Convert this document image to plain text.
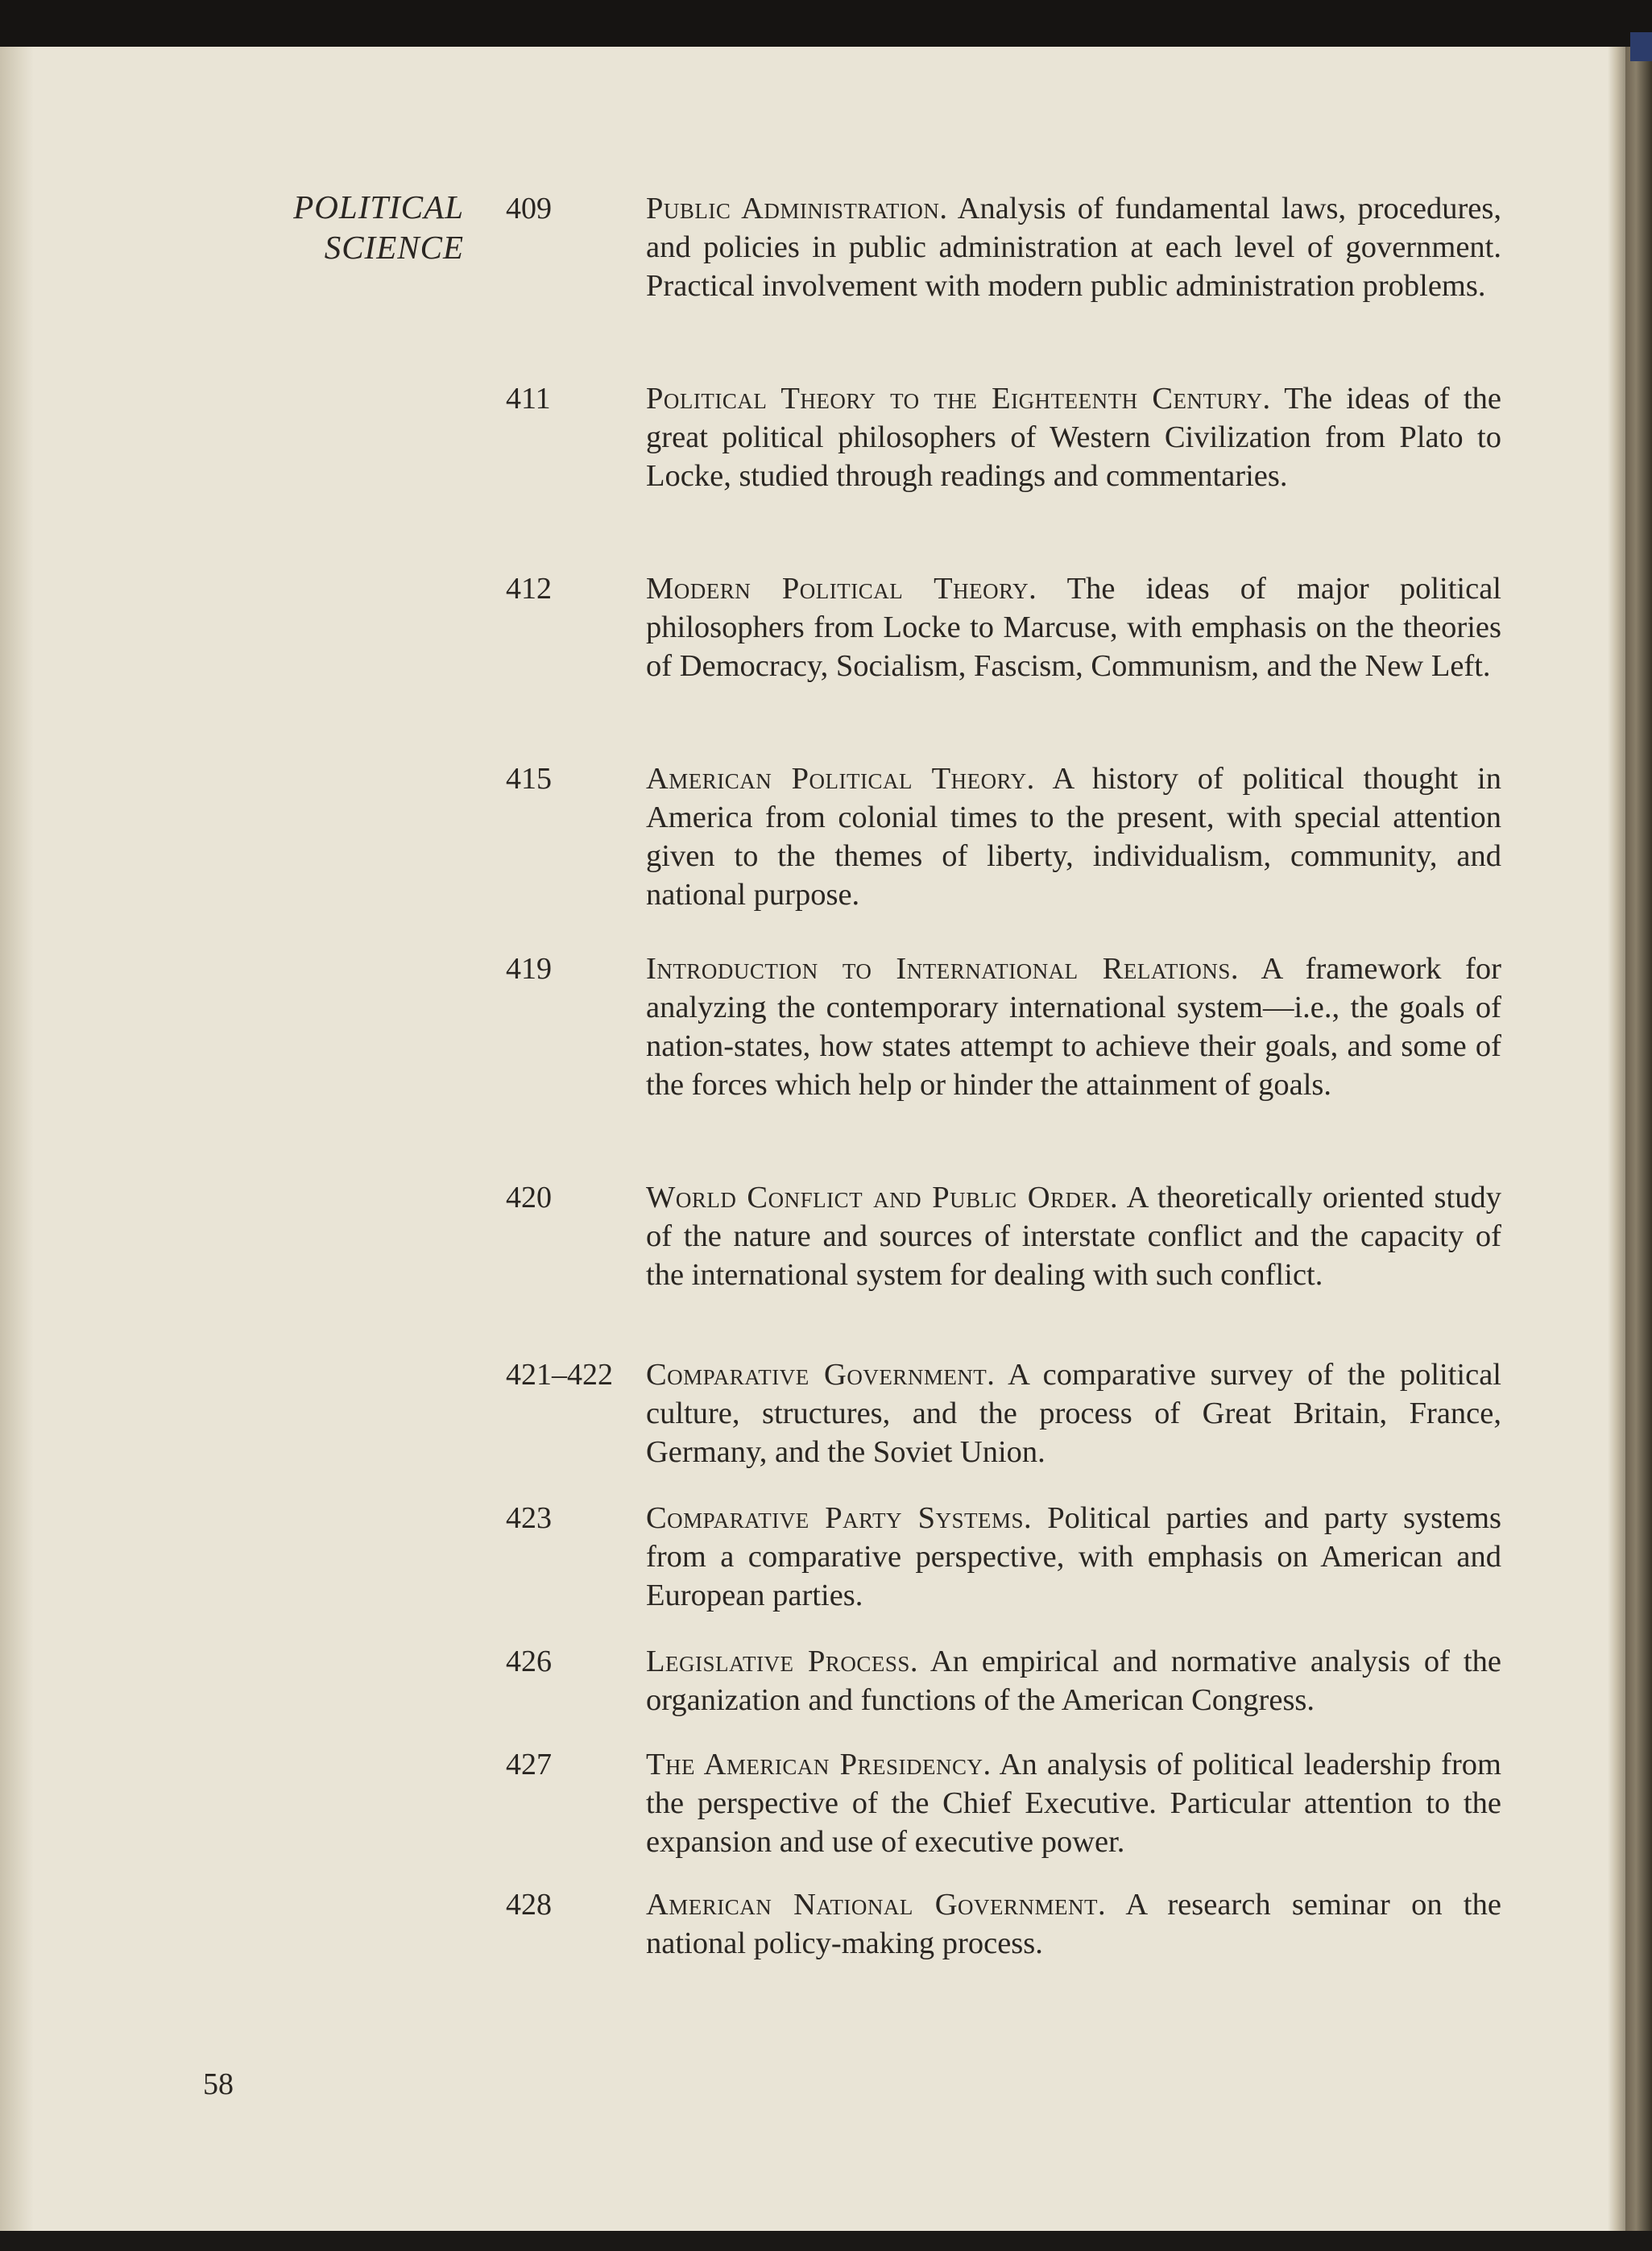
POLITICAL
SCIENCE
409	Public Administration. Analysis of fundamental laws, procedures, and policies in public administration at each level of government. Practical involvement with modern public administration problems.
411	Political Theory to the Eighteenth Century. The ideas of the great political philosophers of Western Civilization from Plato to Locke, studied through readings and commentaries.
412	Modern Political Theory. The ideas of major political philosophers from Locke to Marcuse, with emphasis on the theories of Democracy, Socialism, Fascism, Communism, and the New Left.
415	American Political Theory. A history of political thought in America from colonial times to the present, with special attention given to the themes of liberty, individualism, community, and national purpose.
419	Introduction to International Relations. A framework for analyzing the contemporary international system—i.e., the goals of nation-states, how states attempt to achieve their goals, and some of the forces which help or hinder the attainment of goals.
420	World Conflict and Public Order. A theoretically oriented study of the nature and sources of interstate conflict and the capacity of the international system for dealing with such conflict.
421–422 Comparative Government. A comparative survey of the political culture, structures, and the process of Great Britain, France, Germany, and the Soviet Union.
423	Comparative Party Systems. Political parties and party systems from a comparative perspective, with emphasis on American and European parties.
426	Legislative Process. An empirical and normative analysis of the organization and functions of the American Congress.
427	The American Presidency. An analysis of political leadership from the perspective of the Chief Executive. Particular attention to the expansion and use of executive power.
428	American National Government. A research seminar on the national policy-making process.
58
